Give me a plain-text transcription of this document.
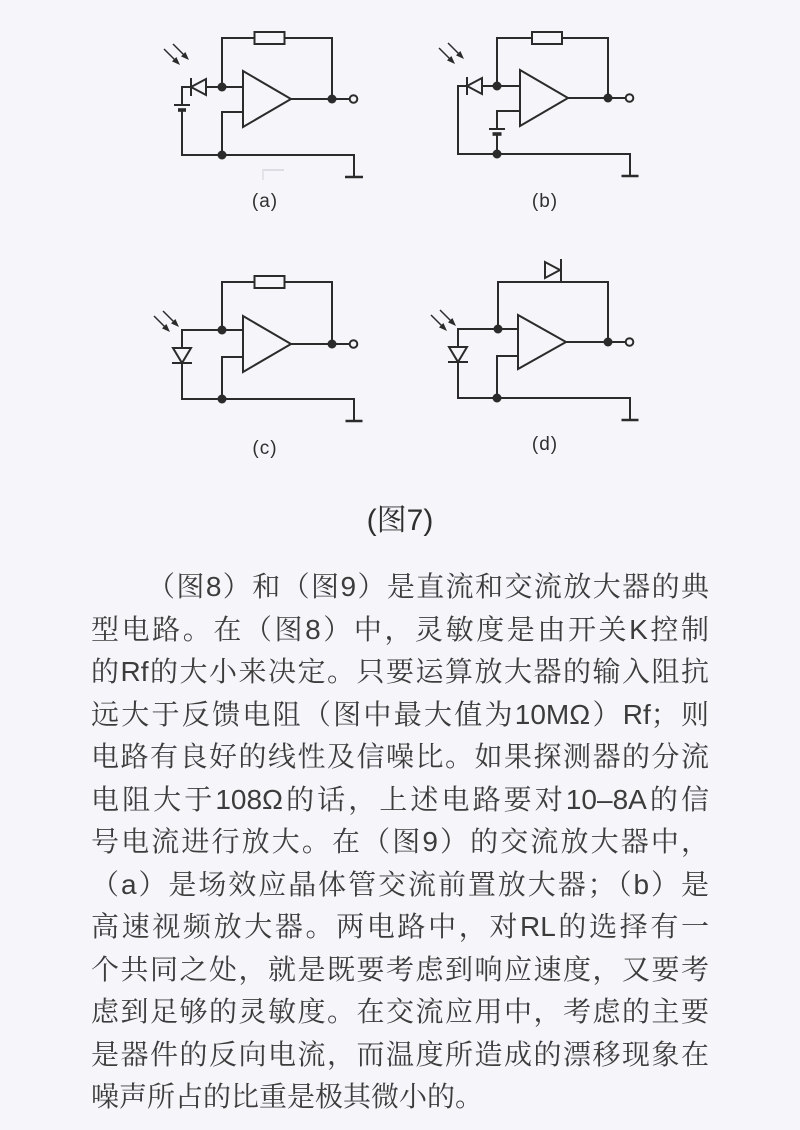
(a)	(b)
(c)	(d)
(图7)
（图8）和（图9）是直流和交流放大器的典
型电路。在（图8）中，灵敏度是由开关K控制
的Rf的大小来决定。只要运算放大器的输入阻抗
远大于反馈电阻（图中最大值为10MΩ）Rf；则
电路有良好的线性及信噪比。如果探测器的分流
电阻大于108Ω的话，上述电路要对10–8A的信
号电流进行放大。在（图9）的交流放大器中，
（a）是场效应晶体管交流前置放大器；（b）是
高速视频放大器。两电路中，对RL的选择有一
个共同之处，就是既要考虑到响应速度，又要考
虑到足够的灵敏度。在交流应用中，考虑的主要
是器件的反向电流，而温度所造成的漂移现象在
噪声所占的比重是极其微小的。
